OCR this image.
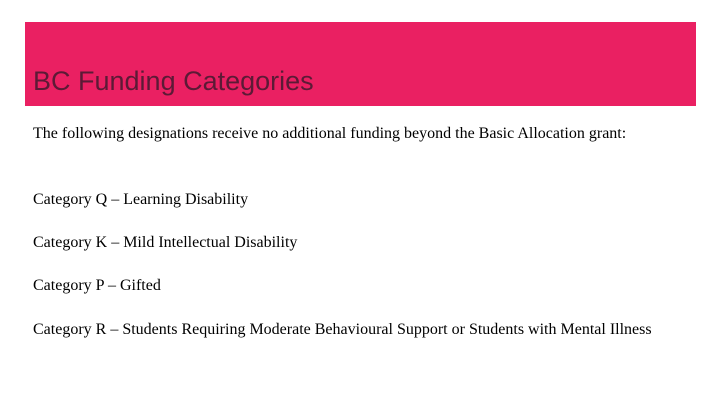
BC Funding Categories

The following designations receive no additional funding beyond the Basic Allocation grant:

Category Q – Learning Disability

Category K – Mild Intellectual Disability

Category P – Gifted

Category R – Students Requiring Moderate Behavioural Support or Students with Mental Illness
